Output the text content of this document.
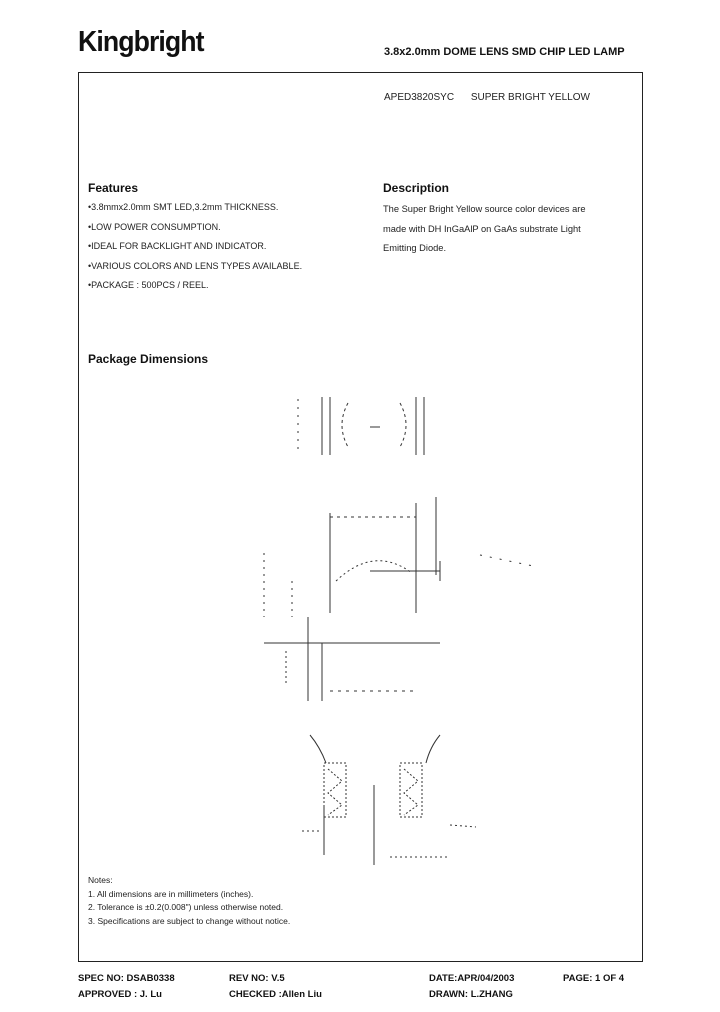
Kingbright	3.8x2.0mm DOME LENS SMD CHIP LED LAMP
APED3820SYC SUPER BRIGHT YELLOW
Features
•3.8mmx2.0mm SMT LED,3.2mm THICKNESS.
•LOW POWER CONSUMPTION.
•IDEAL FOR BACKLIGHT AND INDICATOR.
•VARIOUS COLORS AND LENS TYPES AVAILABLE.
•PACKAGE : 500PCS / REEL.
Description
The Super Bright Yellow source color devices are
made with DH InGaAlP on GaAs substrate Light
Emitting Diode.
Package Dimensions
Notes:
1. All dimensions are in millimeters (inches).
2. Tolerance is ±0.2(0.008") unless otherwise noted.
3. Specifications are subject to change without notice.
SPEC NO: DSAB0338	REV NO: V.5	DATE:APR/04/2003	PAGE: 1 OF 4
APPROVED : J. Lu	CHECKED :Allen Liu	DRAWN: L.ZHANG
